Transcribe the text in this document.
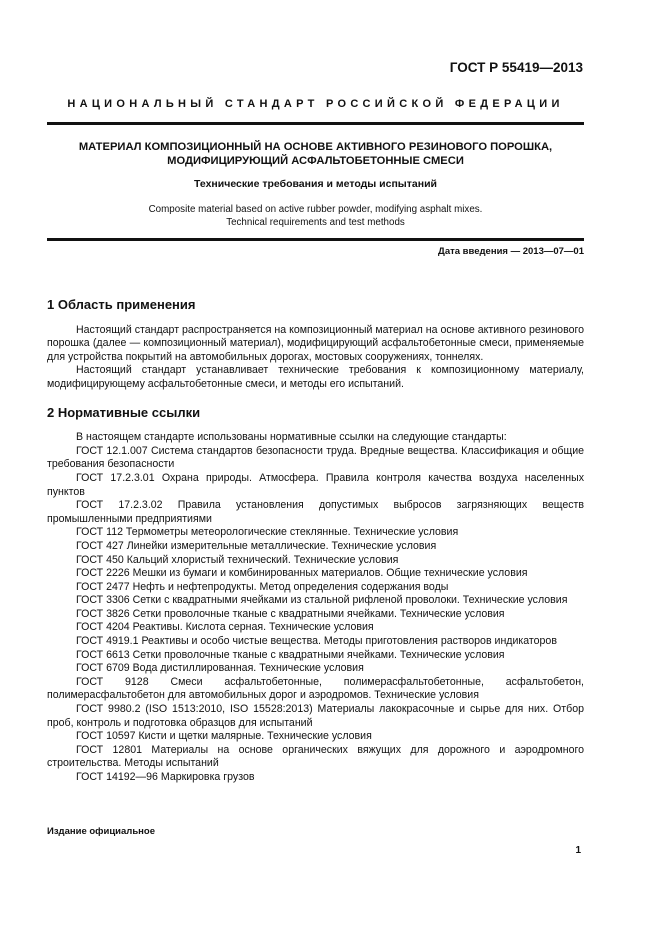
ГОСТ Р 55419—2013
НАЦИОНАЛЬНЫЙ СТАНДАРТ РОССИЙСКОЙ ФЕДЕРАЦИИ
МАТЕРИАЛ КОМПОЗИЦИОННЫЙ НА ОСНОВЕ АКТИВНОГО РЕЗИНОВОГО ПОРОШКА,
МОДИФИЦИРУЮЩИЙ АСФАЛЬТОБЕТОННЫЕ СМЕСИ
Технические требования и методы испытаний
Composite material based on active rubber powder, modifying asphalt mixes.
Technical requirements and test methods
Дата введения — 2013—07—01
1 Область применения
Настоящий стандарт распространяется на композиционный материал на основе активного резинового порошка (далее — композиционный материал), модифицирующий асфальтобетонные смеси, применяемые для устройства покрытий на автомобильных дорогах, мостовых сооружениях, тоннелях.
Настоящий стандарт устанавливает технические требования к композиционному материалу, модифицирующему асфальтобетонные смеси, и методы его испытаний.
2 Нормативные ссылки
В настоящем стандарте использованы нормативные ссылки на следующие стандарты:
ГОСТ 12.1.007 Система стандартов безопасности труда. Вредные вещества. Классификация и общие требования безопасности
ГОСТ 17.2.3.01 Охрана природы. Атмосфера. Правила контроля качества воздуха населенных пунктов
ГОСТ 17.2.3.02 Правила установления допустимых выбросов загрязняющих веществ промышленными предприятиями
ГОСТ 112 Термометры метеорологические стеклянные. Технические условия
ГОСТ 427 Линейки измерительные металлические. Технические условия
ГОСТ 450 Кальций хлористый технический. Технические условия
ГОСТ 2226 Мешки из бумаги и комбинированных материалов. Общие технические условия
ГОСТ 2477 Нефть и нефтепродукты. Метод определения содержания воды
ГОСТ 3306 Сетки с квадратными ячейками из стальной рифленой проволоки. Технические условия
ГОСТ 3826 Сетки проволочные тканые с квадратными ячейками. Технические условия
ГОСТ 4204 Реактивы. Кислота серная. Технические условия
ГОСТ 4919.1 Реактивы и особо чистые вещества. Методы приготовления растворов индикаторов
ГОСТ 6613 Сетки проволочные тканые с квадратными ячейками. Технические условия
ГОСТ 6709 Вода дистиллированная. Технические условия
ГОСТ 9128 Смеси асфальтобетонные, полимерасфальтобетонные, асфальтобетон, полимерасфальтобетон для автомобильных дорог и аэродромов. Технические условия
ГОСТ 9980.2 (ISO 1513:2010, ISO 15528:2013) Материалы лакокрасочные и сырье для них. Отбор проб, контроль и подготовка образцов для испытаний
ГОСТ 10597 Кисти и щетки малярные. Технические условия
ГОСТ 12801 Материалы на основе органических вяжущих для дорожного и аэродромного строительства. Методы испытаний
ГОСТ 14192—96 Маркировка грузов
Издание официальное
1
